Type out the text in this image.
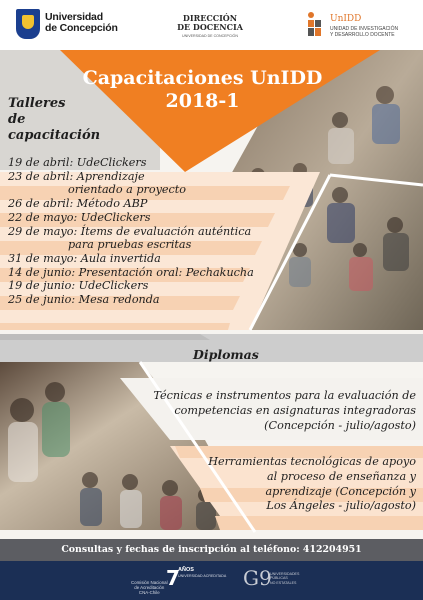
Universidad
de Concepción
DIRECCIÓN
DE DOCENCIA
UNIVERSIDAD DE CONCEPCIÓN
UnIDD
UNIDAD DE INVESTIGACIÓN
Y DESARROLLO DOCENTE
Capacitaciones UnIDD
2018-1
Talleres
de
capacitación
19 de abril: UdeClickers
23 de abril: Aprendizaje
orientado a proyecto
26 de abril: Método ABP
22 de mayo: UdeClickers
29 de mayo: Ítems de evaluación auténtica
para pruebas escritas
31 de mayo: Aula invertida
14 de junio: Presentación oral: Pechakucha
19 de junio: UdeClickers
25 de junio: Mesa redonda
Diplomas
Técnicas e instrumentos para la evaluación de
competencias en asignaturas integradoras
(Concepción - julio/agosto)
Herramientas tecnológicas de apoyo
al proceso de enseñanza y
aprendizaje (Concepción y
Los Ángeles - julio/agosto)
Consultas y fechas de inscripción al teléfono: 412204951
Comisión Nacional
de Acreditación
CNA-Chile
7
AÑOS
UNIVERSIDAD ACREDITADA G9
UNIVERSIDADES
PÚBLICAS
NO ESTATALES
